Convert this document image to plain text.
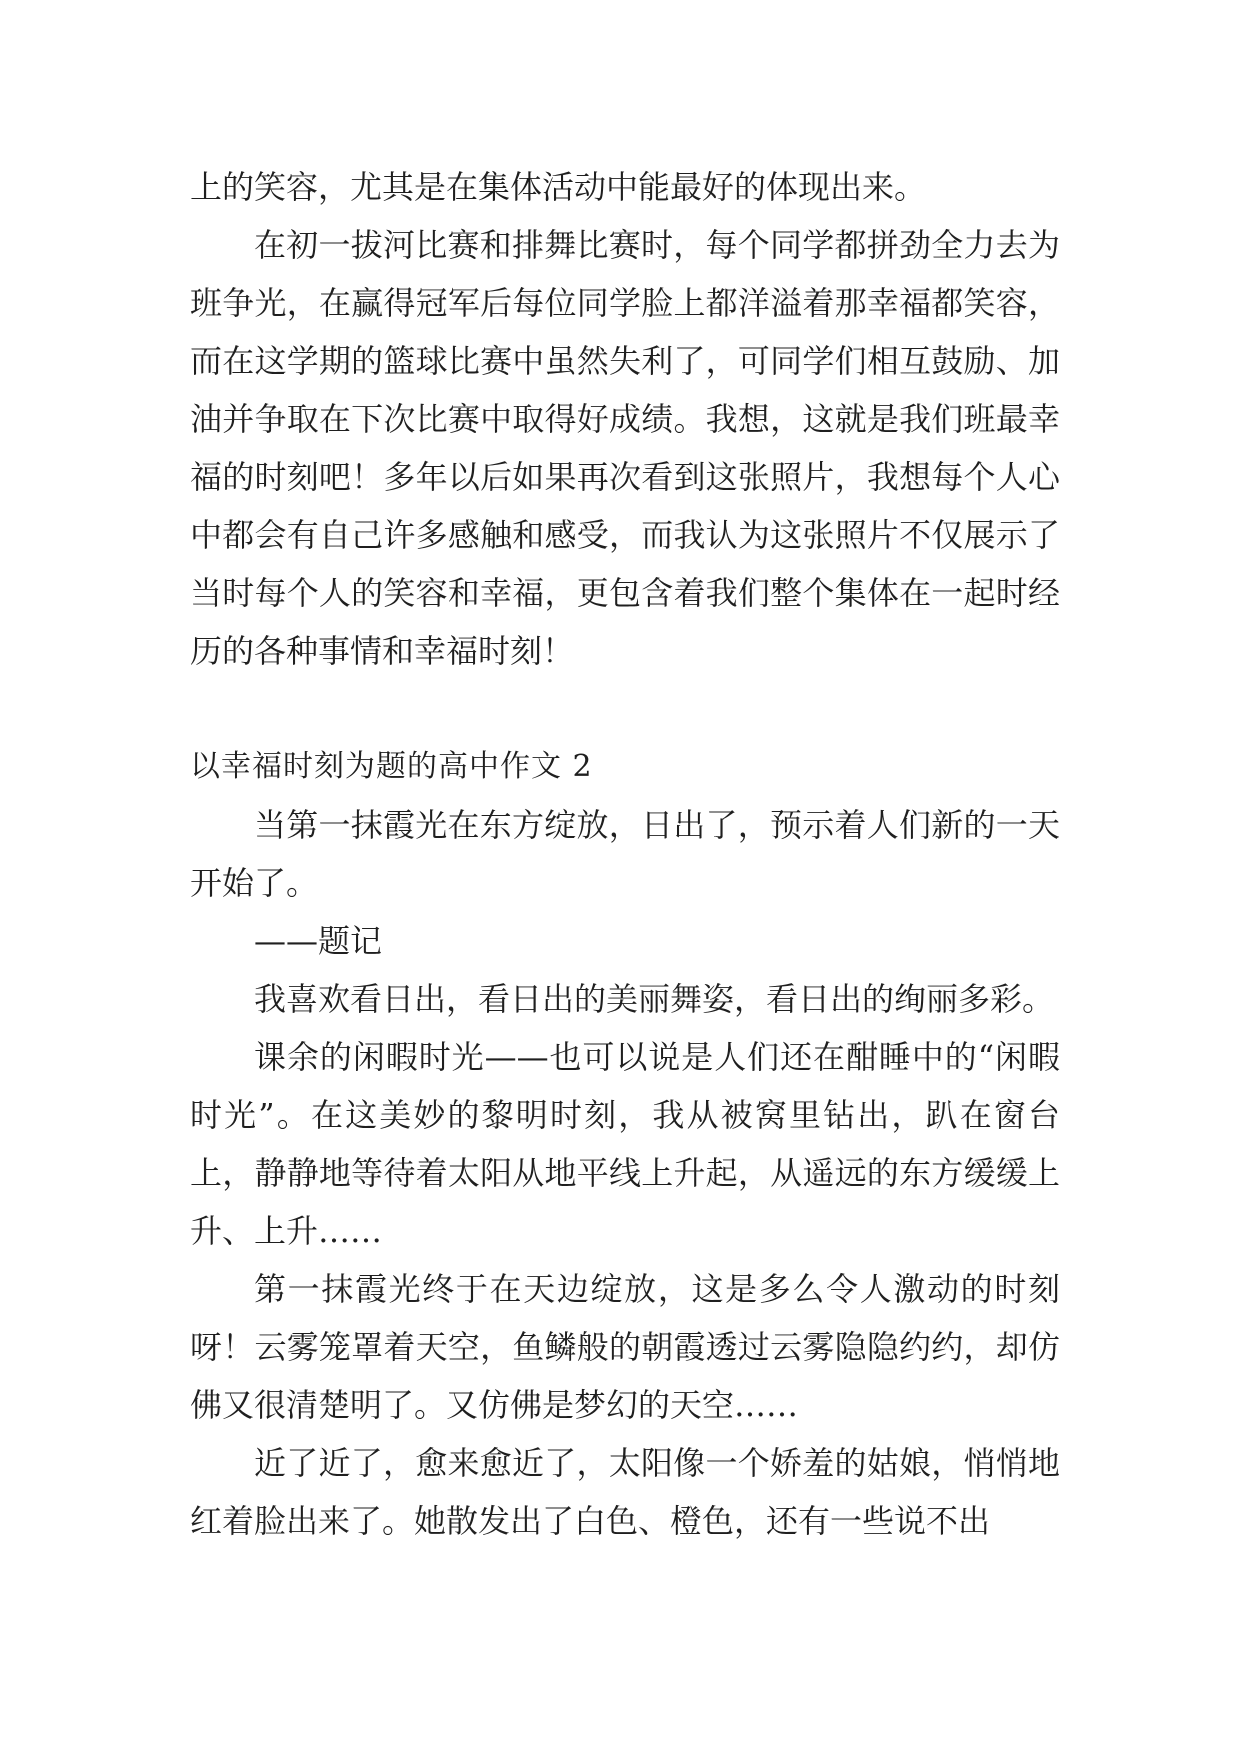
上的笑容，尤其是在集体活动中能最好的体现出来。

在初一拔河比赛和排舞比赛时，每个同学都拼劲全力去为班争光，在赢得冠军后每位同学脸上都洋溢着那幸福都笑容，而在这学期的篮球比赛中虽然失利了，可同学们相互鼓励、加油并争取在下次比赛中取得好成绩。我想，这就是我们班最幸福的时刻吧！多年以后如果再次看到这张照片，我想每个人心中都会有自己许多感触和感受，而我认为这张照片不仅展示了当时每个人的笑容和幸福，更包含着我们整个集体在一起时经历的各种事情和幸福时刻！

以幸福时刻为题的高中作文 2

当第一抹霞光在东方绽放，日出了，预示着人们新的一天开始了。

——题记

我喜欢看日出，看日出的美丽舞姿，看日出的绚丽多彩。

课余的闲暇时光——也可以说是人们还在酣睡中的“闲暇时光”。在这美妙的黎明时刻，我从被窝里钻出，趴在窗台上，静静地等待着太阳从地平线上升起，从遥远的东方缓缓上升、上升……

第一抹霞光终于在天边绽放，这是多么令人激动的时刻呀！云雾笼罩着天空，鱼鳞般的朝霞透过云雾隐隐约约，却仿佛又很清楚明了。又仿佛是梦幻的天空……

近了近了，愈来愈近了，太阳像一个娇羞的姑娘，悄悄地红着脸出来了。她散发出了白色、橙色，还有一些说不出
